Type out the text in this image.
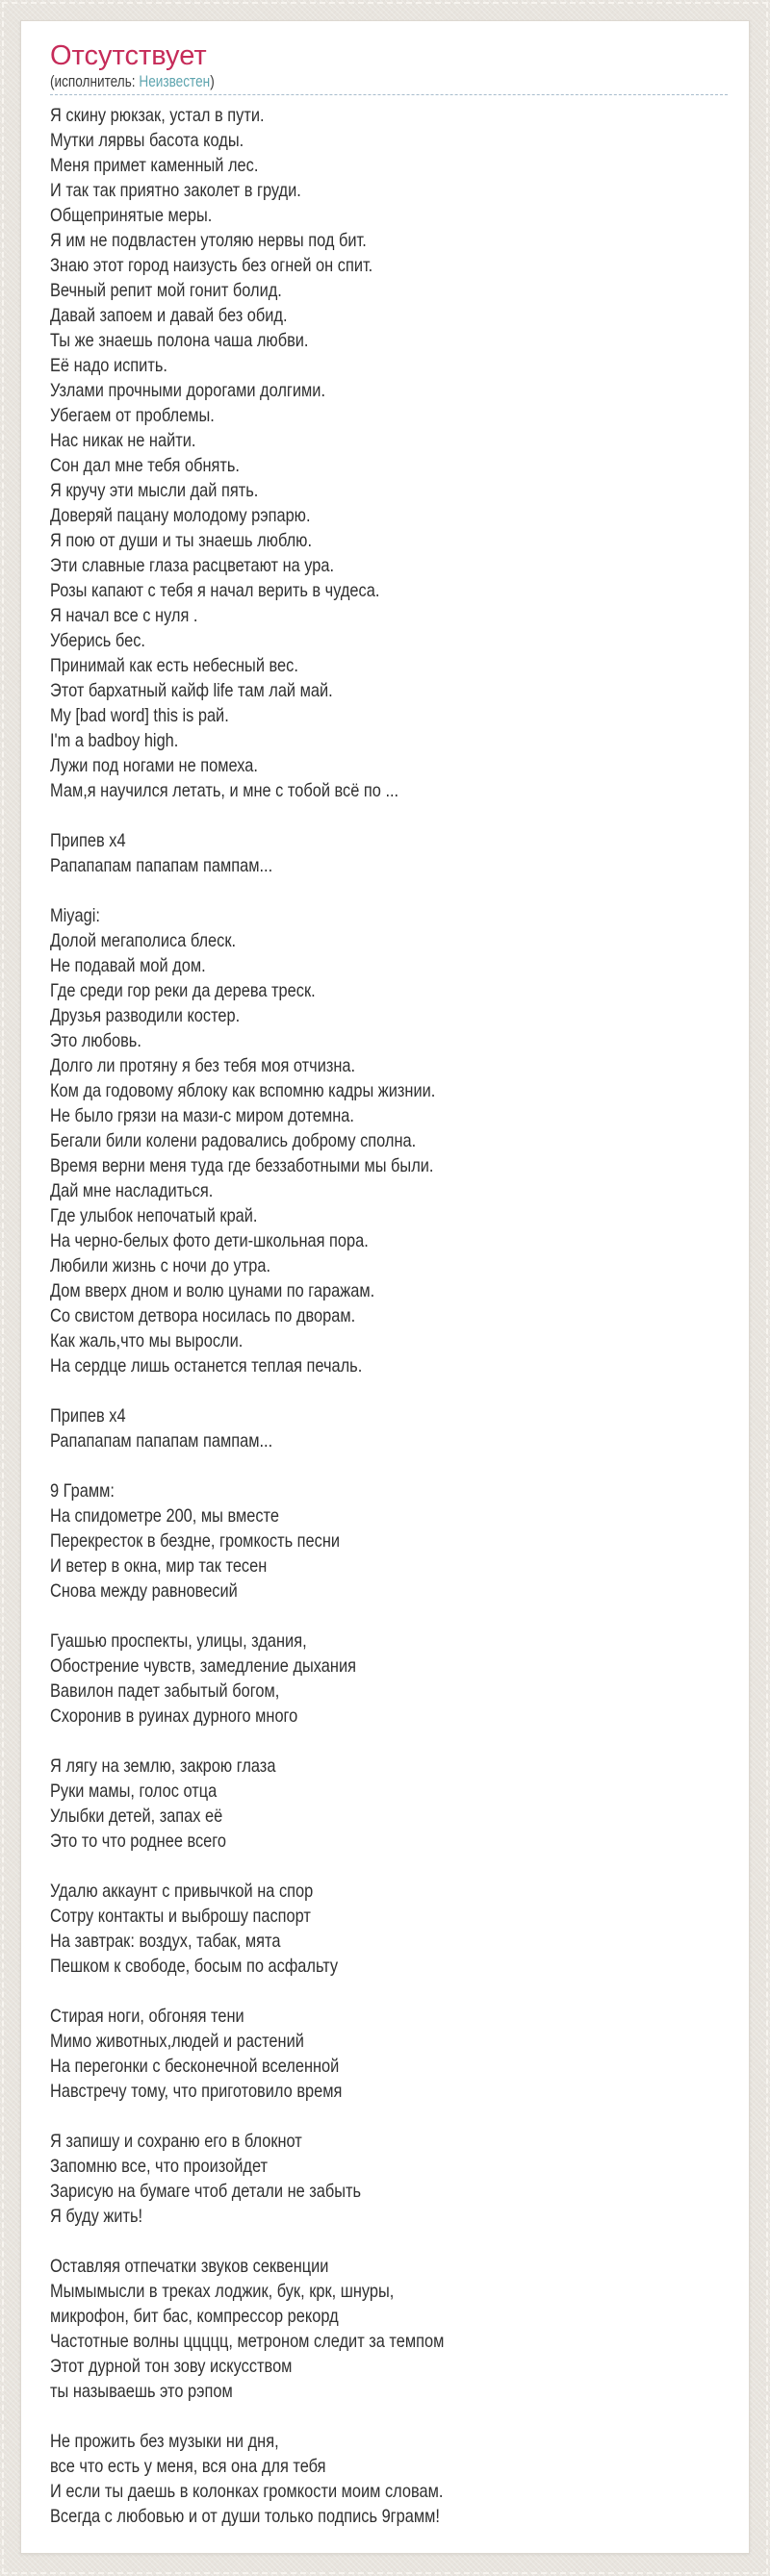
Отсутствует
(исполнитель: Неизвестен)
Я скину рюкзак, устал в пути.
Мутки лярвы басота коды.
Меня примет каменный лес.
И так так приятно заколет в груди.
Общепринятые меры.
Я им не подвластен утоляю нервы под бит.
Знаю этот город наизусть без огней он спит.
Вечный репит мой гонит болид.
Давай запоем и давай без обид.
Ты же знаешь полона чаша любви.
Её надо испить.
Узлами прочными дорогами долгими.
Убегаем от проблемы.
Нас никак не найти.
Сон дал мне тебя обнять.
Я кручу эти мысли дай пять.
Доверяй пацану молодому рэпарю.
Я пою от души и ты знаешь люблю.
Эти славные глаза расцветают на ура.
Розы капают с тебя я начал верить в чудеса.
Я начал все с нуля .
Уберись бес.
Принимай как есть небесный вес.
Этот бархатный кайф life там лай май.
My [bad word] this is рай.
I'm a badboy high.
Лужи под ногами не помеха.
Мам,я научился летать, и мне с тобой всё по ...

Припев x4
Рапапапам папапам пампам...

Miyagi:
Долой мегаполиса блеск.
Не подавай мой дом.
Где среди гор реки да дерева треск.
Друзья разводили костер.
Это любовь.
Долго ли протяну я без тебя моя отчизна.
Ком да годовому яблоку как вспомню кадры жизнии.
Не было грязи на мази-с миром дотемна.
Бегали били колени радовались доброму сполна.
Время верни меня туда где беззаботными мы были.
Дай мне насладиться.
Где улыбок непочатый край.
На черно-белых фото дети-школьная пора.
Любили жизнь с ночи до утра.
Дом вверх дном и волю цунами по гаражам.
Со свистом детвора носилась по дворам.
Как жаль,что мы выросли.
На сердце лишь останется теплая печаль.

Припев x4
Рапапапам папапам пампам...

9 Грамм:
На спидометре 200, мы вместе
Перекресток в бездне, громкость песни
И ветер в окна, мир так тесен
Снова между равновесий

Гуашью проспекты, улицы, здания,
Обострение чувств, замедление дыхания
Вавилон падет забытый богом,
Схоронив в руинах дурного много

Я лягу на землю, закрою глаза
Руки мамы, голос отца
Улыбки детей, запах её
Это то что роднее всего

Удалю аккаунт с привычкой на спор
Сотру контакты и выброшу паспорт
На завтрак: воздух, табак, мята
Пешком к свободе, босым по асфальту

Стирая ноги, обгоняя тени
Мимо животных,людей и растений
На перегонки с бесконечной вселенной
Навстречу тому, что приготовило время

Я запишу и сохраню его в блокнот
Запомню все, что произойдет
Зарисую на бумаге чтоб детали не забыть
Я буду жить!

Оставляя отпечатки звуков секвенции
Мымымысли в треках лоджик, бук, крк, шнуры,
микрофон, бит бас, компрессор рекорд
Частотные волны ццццц, метроном следит за темпом
Этот дурной тон зову искусством
ты называешь это рэпом

Не прожить без музыки ни дня,
все что есть у меня, вся она для тебя
И если ты даешь в колонках громкости моим словам.
Всегда с любовью и от души только подпись 9грамм!
